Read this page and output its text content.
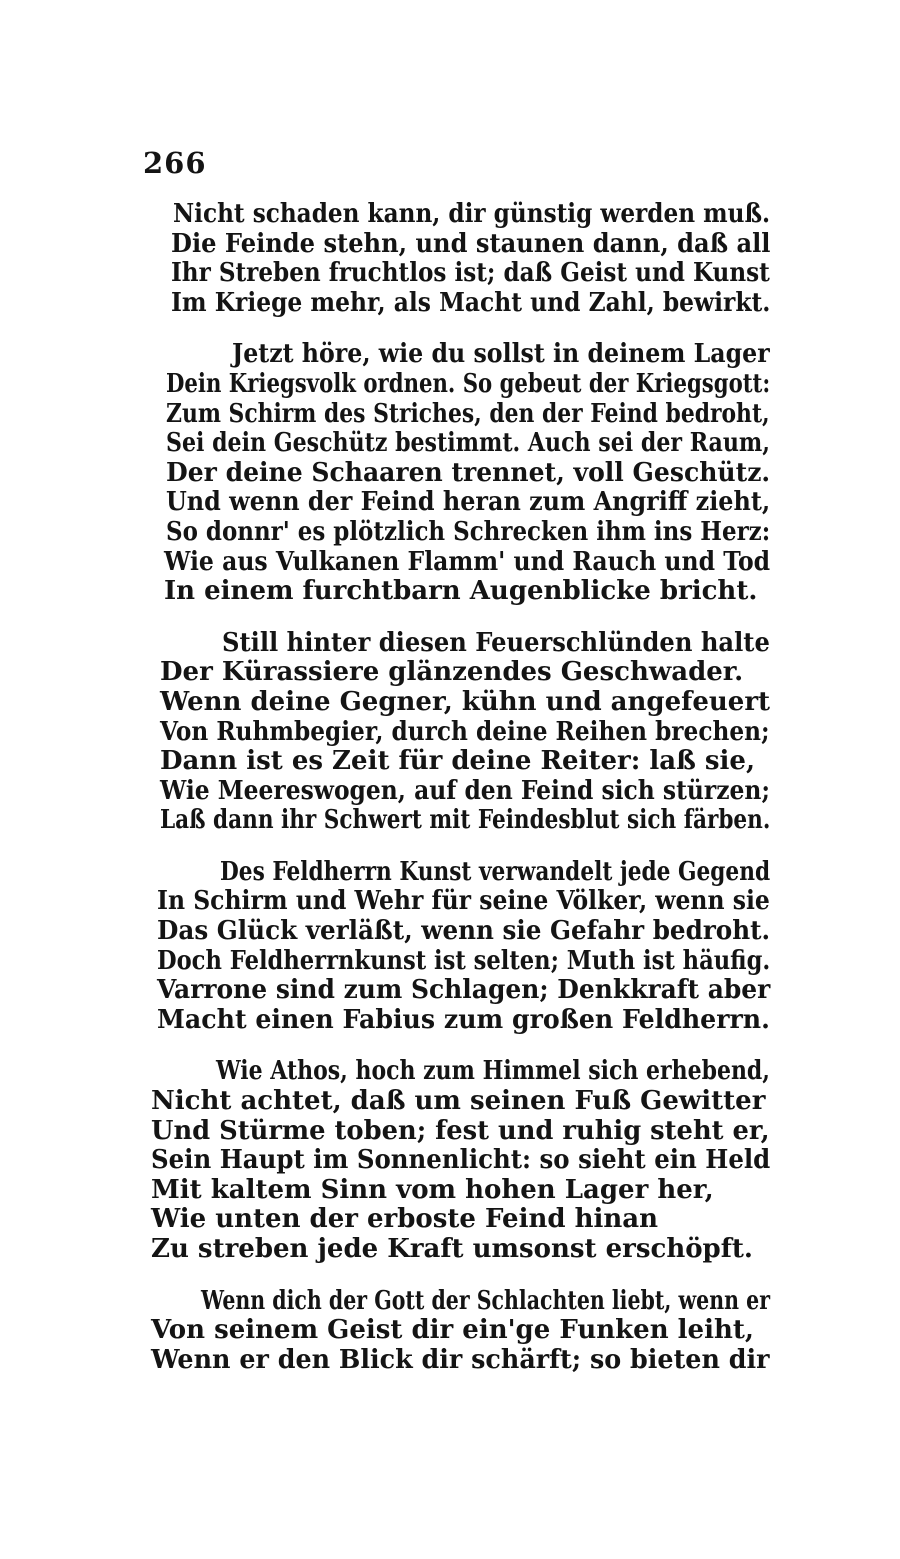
266
Nicht schaden kann, dir günstig werden muß.
Die Feinde stehn, und staunen dann, daß all
Ihr Streben fruchtlos ist; daß Geist und Kunst
Im Kriege mehr, als Macht und Zahl, bewirkt.
Jetzt höre, wie du sollst in deinem Lager
Dein Kriegsvolk ordnen. So gebeut der Kriegsgott:
Zum Schirm des Striches, den der Feind bedroht,
Sei dein Geschütz bestimmt. Auch sei der Raum,
Der deine Schaaren trennet, voll Geschütz.
Und wenn der Feind heran zum Angriff zieht,
So donnr' es plötzlich Schrecken ihm ins Herz:
Wie aus Vulkanen Flamm' und Rauch und Tod
In einem furchtbarn Augenblicke bricht.
Still hinter diesen Feuerschlünden halte
Der Kürassiere glänzendes Geschwader.
Wenn deine Gegner, kühn und angefeuert
Von Ruhmbegier, durch deine Reihen brechen;
Dann ist es Zeit für deine Reiter: laß sie,
Wie Meereswogen, auf den Feind sich stürzen;
Laß dann ihr Schwert mit Feindesblut sich färben.
Des Feldherrn Kunst verwandelt jede Gegend
In Schirm und Wehr für seine Völker, wenn sie
Das Glück verläßt, wenn sie Gefahr bedroht.
Doch Feldherrnkunst ist selten; Muth ist häufig.
Varrone sind zum Schlagen; Denkkraft aber
Macht einen Fabius zum großen Feldherrn.
Wie Athos, hoch zum Himmel sich erhebend,
Nicht achtet, daß um seinen Fuß Gewitter
Und Stürme toben; fest und ruhig steht er,
Sein Haupt im Sonnenlicht: so sieht ein Held
Mit kaltem Sinn vom hohen Lager her,
Wie unten der erboste Feind hinan
Zu streben jede Kraft umsonst erschöpft.
Wenn dich der Gott der Schlachten liebt, wenn er
Von seinem Geist dir ein'ge Funken leiht,
Wenn er den Blick dir schärft; so bieten dir
